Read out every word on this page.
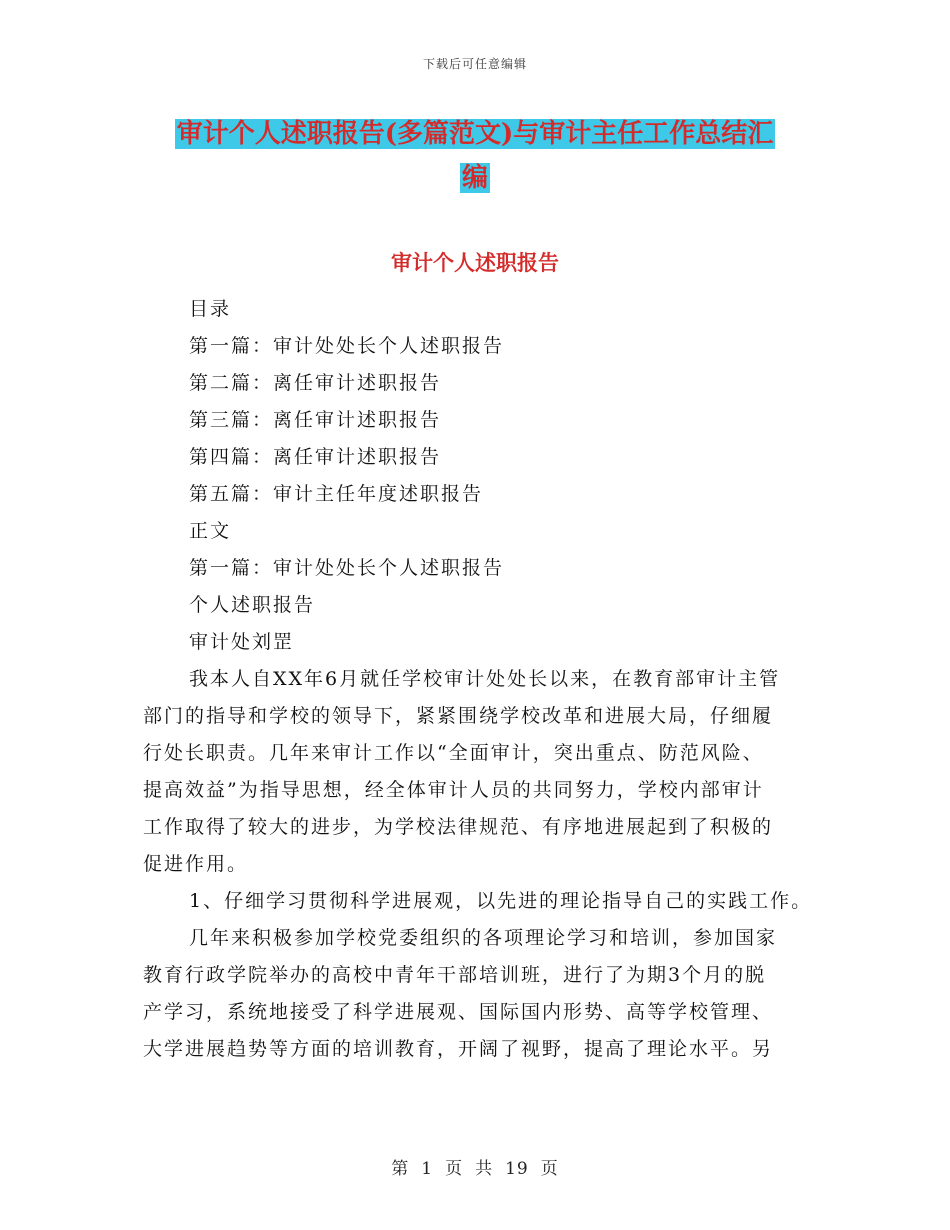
下载后可任意编辑
审计个人述职报告(多篇范文)与审计主任工作总结汇
编
审计个人述职报告
目录
第一篇：审计处处长个人述职报告
第二篇：离任审计述职报告
第三篇：离任审计述职报告
第四篇：离任审计述职报告
第五篇：审计主任年度述职报告
正文
第一篇：审计处处长个人述职报告
个人述职报告
审计处刘罡
我本人自XX年6月就任学校审计处处长以来，在教育部审计主管
部门的指导和学校的领导下，紧紧围绕学校改革和进展大局，仔细履
行处长职责。几年来审计工作以“全面审计，突出重点、防范风险、
提高效益”为指导思想，经全体审计人员的共同努力，学校内部审计
工作取得了较大的进步，为学校法律规范、有序地进展起到了积极的
促进作用。
1、仔细学习贯彻科学进展观，以先进的理论指导自己的实践工作。
几年来积极参加学校党委组织的各项理论学习和培训，参加国家
教育行政学院举办的高校中青年干部培训班，进行了为期3个月的脱
产学习，系统地接受了科学进展观、国际国内形势、高等学校管理、
大学进展趋势等方面的培训教育，开阔了视野，提高了理论水平。另
第 1 页 共 19 页
